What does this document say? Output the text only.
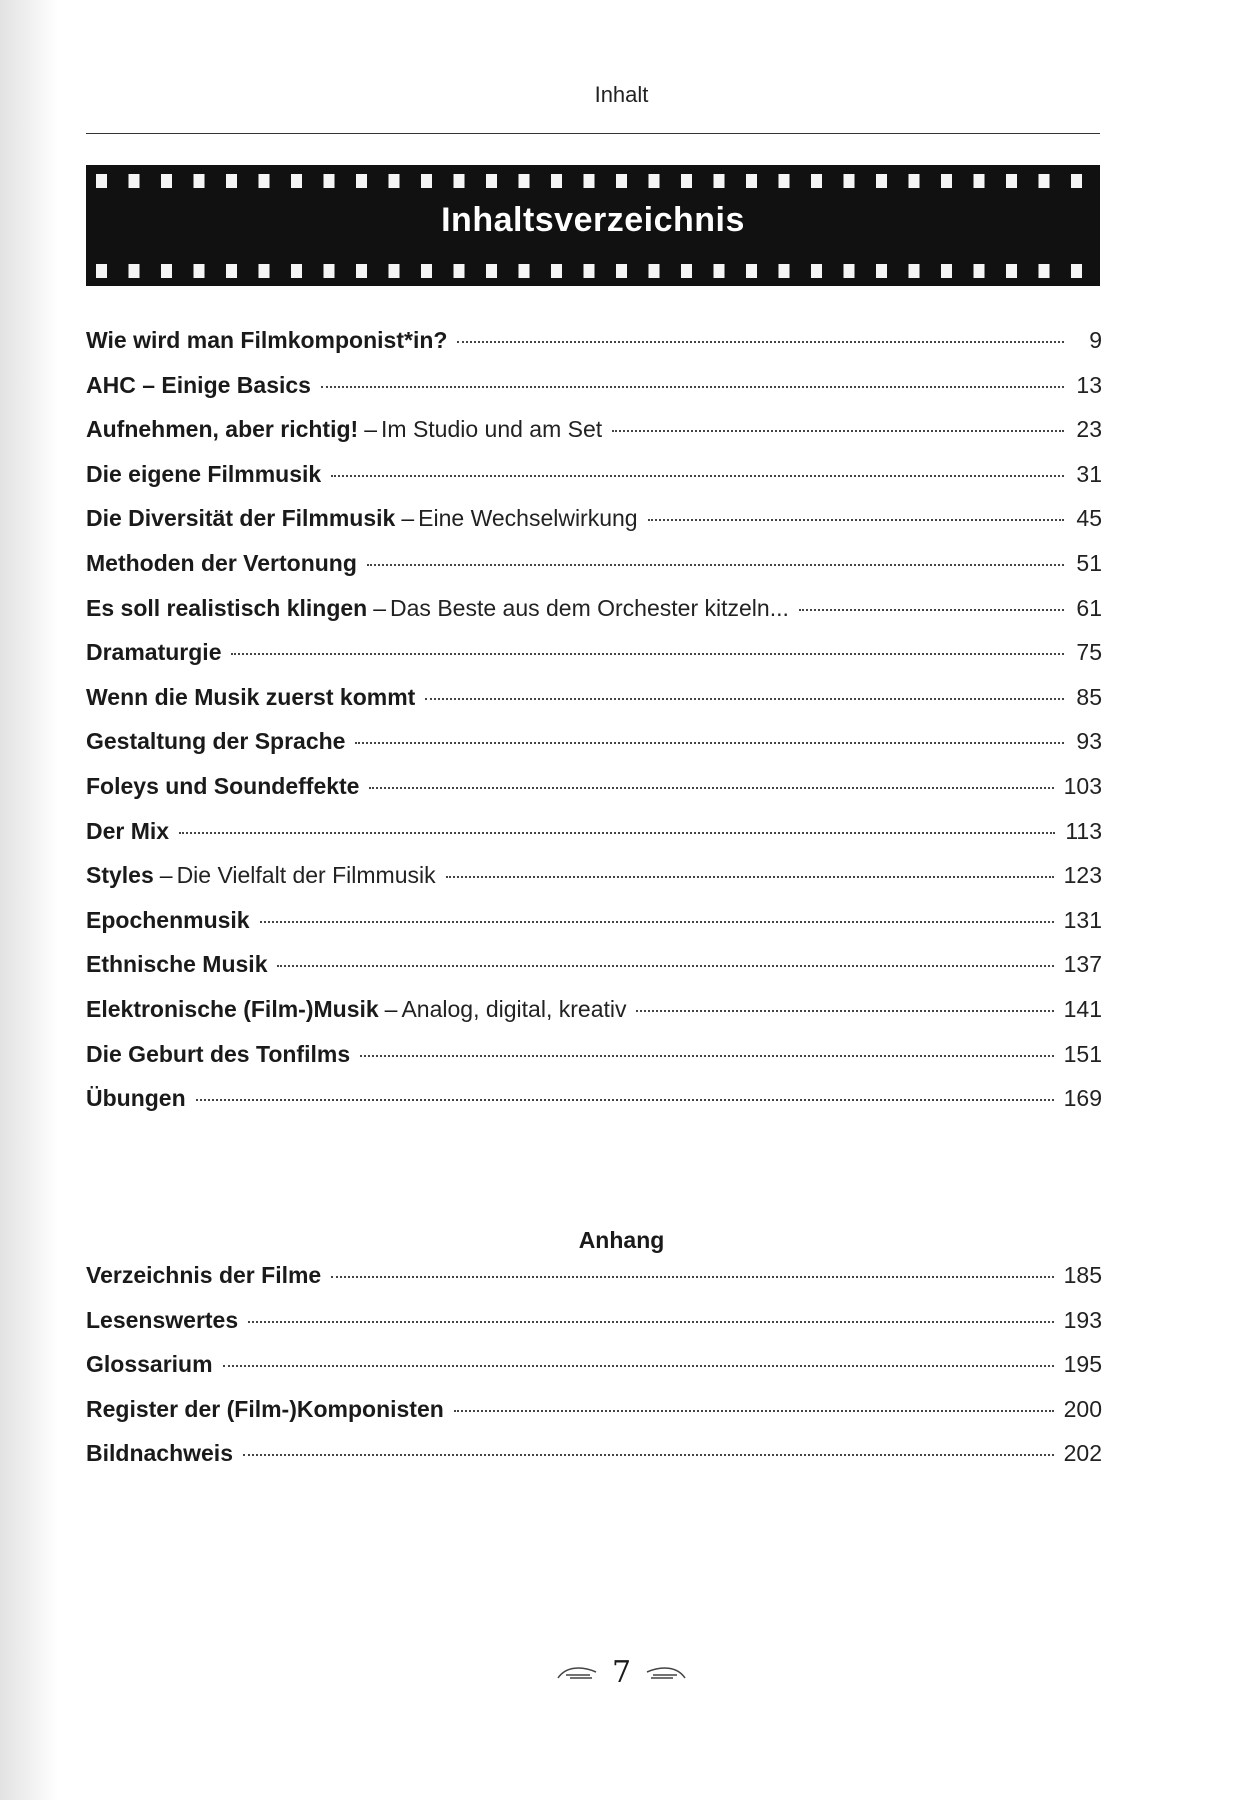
Inhalt
Inhaltsverzeichnis
Wie wird man Filmkomponist*in?	9
AHC – Einige Basics	13
Aufnehmen, aber richtig! – Im Studio und am Set	23
Die eigene Filmmusik	31
Die Diversität der Filmmusik – Eine Wechselwirkung	45
Methoden der Vertonung	51
Es soll realistisch klingen – Das Beste aus dem Orchester kitzeln...	61
Dramaturgie	75
Wenn die Musik zuerst kommt	85
Gestaltung der Sprache	93
Foleys und Soundeffekte	103
Der Mix	113
Styles – Die Vielfalt der Filmmusik	123
Epochenmusik	131
Ethnische Musik	137
Elektronische (Film-)Musik – Analog, digital, kreativ	141
Die Geburt des Tonfilms	151
Übungen	169
Anhang
Verzeichnis der Filme	185
Lesenswertes	193
Glossarium	195
Register der (Film-)Komponisten	200
Bildnachweis	202
7
